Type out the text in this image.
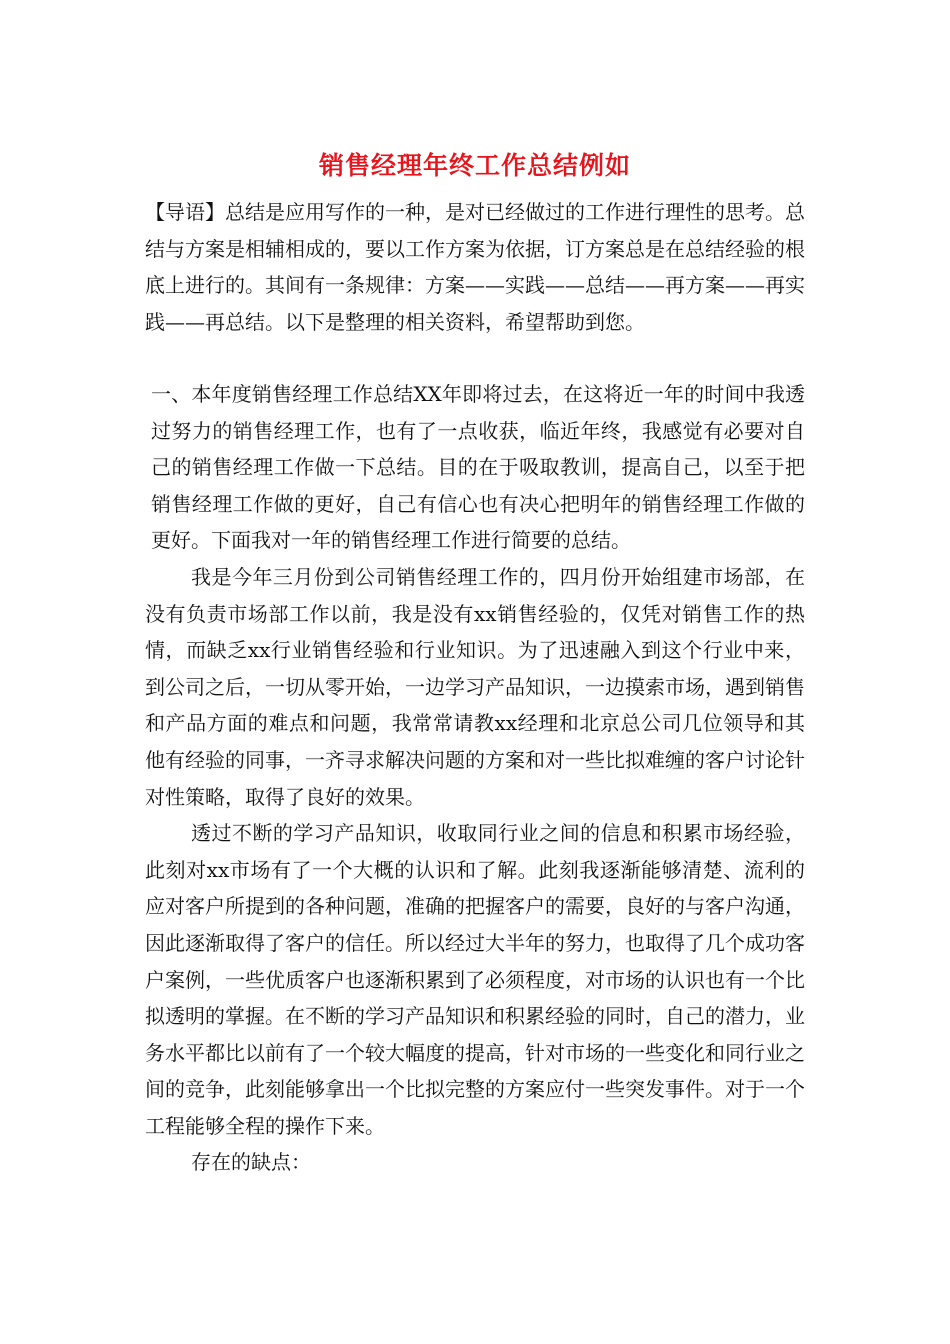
销售经理年终工作总结例如

【导语】总结是应用写作的一种，是对已经做过的工作进行理性的思考。总结与方案是相辅相成的，要以工作方案为依据，订方案总是在总结经验的根底上进行的。其间有一条规律：方案——实践——总结——再方案——再实践——再总结。以下是整理的相关资料，希望帮助到您。

一、本年度销售经理工作总结XX年即将过去，在这将近一年的时间中我透过努力的销售经理工作，也有了一点收获，临近年终，我感觉有必要对自己的销售经理工作做一下总结。目的在于吸取教训，提高自己，以至于把销售经理工作做的更好，自己有信心也有决心把明年的销售经理工作做的更好。下面我对一年的销售经理工作进行简要的总结。

我是今年三月份到公司销售经理工作的，四月份开始组建市场部，在没有负责市场部工作以前，我是没有xx销售经验的，仅凭对销售工作的热情，而缺乏xx行业销售经验和行业知识。为了迅速融入到这个行业中来，到公司之后，一切从零开始，一边学习产品知识，一边摸索市场，遇到销售和产品方面的难点和问题，我常常请教xx经理和北京总公司几位领导和其他有经验的同事，一齐寻求解决问题的方案和对一些比拟难缠的客户讨论针对性策略，取得了良好的效果。

透过不断的学习产品知识，收取同行业之间的信息和积累市场经验，此刻对xx市场有了一个大概的认识和了解。此刻我逐渐能够清楚、流利的应对客户所提到的各种问题，准确的把握客户的需要，良好的与客户沟通，因此逐渐取得了客户的信任。所以经过大半年的努力，也取得了几个成功客户案例，一些优质客户也逐渐积累到了必须程度，对市场的认识也有一个比拟透明的掌握。在不断的学习产品知识和积累经验的同时，自己的潜力，业务水平都比以前有了一个较大幅度的提高，针对市场的一些变化和同行业之间的竞争，此刻能够拿出一个比拟完整的方案应付一些突发事件。对于一个工程能够全程的操作下来。

存在的缺点：
